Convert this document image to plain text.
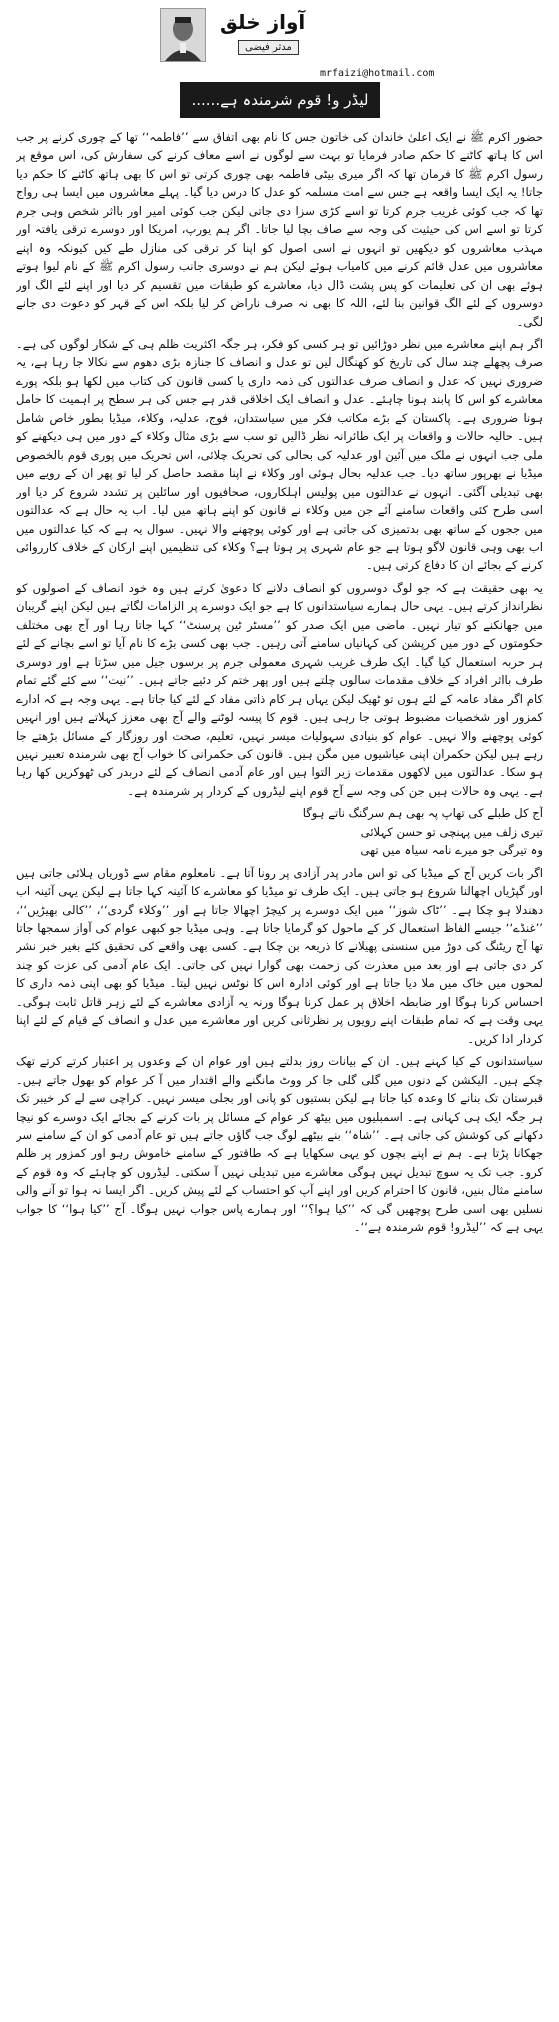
آواز خلق
مدثر فیضی
mrfaizi@hotmail.com
لیڈر و! قوم شرمندہ ہے......

حضور اکرم ﷺ نے ایک اعلیٰ خاندان کی خاتون جس کا نام بھی اتفاق سے ’’فاطمہ‘‘ تھا کے چوری کرنے پر جب اس کا ہاتھ کاٹنے کا حکم صادر فرمایا تو بہت سے لوگوں نے اسے معاف کرنے کی سفارش کی، اس موقع پر رسول اکرم ﷺ کا فرمان تھا کہ اگر میری بیٹی فاطمہ بھی چوری کرتی تو اس کا بھی ہاتھ کاٹنے کا حکم دیا جاتا! یہ ایک ایسا واقعہ ہے جس سے امت مسلمہ کو عدل کا درس دیا گیا۔ پہلے معاشروں میں ایسا ہی رواج تھا کہ جب کوئی غریب جرم کرتا تو اسے کڑی سزا دی جاتی لیکن جب کوئی امیر اور بااثر شخص وہی جرم کرتا تو اسے اس کی حیثیت کی وجہ سے صاف بچا لیا جاتا۔ اگر ہم یورپ، امریکا اور دوسرے ترقی یافتہ اور مہذب معاشروں کو دیکھیں تو انہوں نے اسی اصول کو اپنا کر ترقی کی منازل طے کیں کیونکہ وہ اپنے معاشروں میں عدل قائم کرنے میں کامیاب ہوئے لیکن ہم نے دوسری جانب رسول اکرم ﷺ کے نام لیوا ہوتے ہوئے بھی ان کی تعلیمات کو پس پشت ڈال دیا، معاشرے کو طبقات میں تقسیم کر دیا اور اپنے لئے الگ اور دوسروں کے لئے الگ قوانین بنا لئے، اللہ کا بھی نہ صرف ناراض کر لیا بلکہ اس کے قہر کو دعوت دی جانے لگی۔

اگر ہم اپنے معاشرے میں نظر دوڑائیں تو ہر کسی کو فکر، ہر جگہ اکثریت ظلم ہی کے شکار لوگوں کی ہے۔ صرف پچھلے چند سال کی تاریخ کو کھنگال لیں تو عدل و انصاف کا جنازہ بڑی دھوم سے نکالا جا رہا ہے، یہ ضروری نہیں کہ عدل و انصاف صرف عدالتوں کی ذمہ داری یا کسی قانون کی کتاب میں لکھا ہو بلکہ پورے معاشرے کو اس کا پابند ہونا چاہئے۔ عدل و انصاف ایک اخلاقی قدر ہے جس کی ہر سطح پر اہمیت کا حامل ہونا ضروری ہے۔ پاکستان کے بڑے مکاتب فکر میں سیاستدان، فوج، عدلیہ، وکلاء، میڈیا بطور خاص شامل ہیں۔ حالیہ حالات و واقعات پر ایک طائرانہ نظر ڈالیں تو سب سے بڑی مثال وکلاء کے دور میں ہی دیکھنے کو ملی جب انہوں نے ملک میں آئین اور عدلیہ کی بحالی کی تحریک چلائی، اس تحریک میں پوری قوم بالخصوص میڈیا نے بھرپور ساتھ دیا۔ جب عدلیہ بحال ہوئی اور وکلاء نے اپنا مقصد حاصل کر لیا تو پھر ان کے رویے میں بھی تبدیلی آگئی۔ انہوں نے عدالتوں میں پولیس اہلکاروں، صحافیوں اور سائلین پر تشدد شروع کر دیا اور اسی طرح کئی واقعات سامنے آئے جن میں وکلاء نے قانون کو اپنے ہاتھ میں لیا۔ اب یہ حال ہے کہ عدالتوں میں ججوں کے ساتھ بھی بدتمیزی کی جاتی ہے اور کوئی پوچھنے والا نہیں۔ سوال یہ ہے کہ کیا عدالتوں میں اب بھی وہی قانون لاگو ہوتا ہے جو عام شہری پر ہوتا ہے؟ وکلاء کی تنظیمیں اپنے ارکان کے خلاف کارروائی کرنے کے بجائے ان کا دفاع کرتی ہیں۔

یہ بھی حقیقت ہے کہ جو لوگ دوسروں کو انصاف دلانے کا دعویٰ کرتے ہیں وہ خود انصاف کے اصولوں کو نظرانداز کرتے ہیں۔ یہی حال ہمارے سیاستدانوں کا ہے جو ایک دوسرے پر الزامات لگاتے ہیں لیکن اپنے گریبان میں جھانکنے کو تیار نہیں۔ ماضی میں ایک صدر کو ’’مسٹر ٹین پرسنٹ‘‘ کہا جاتا رہا اور آج بھی مختلف حکومتوں کے دور میں کرپشن کی کہانیاں سامنے آتی رہیں۔ جب بھی کسی بڑے کا نام آیا تو اسے بچانے کے لئے ہر حربہ استعمال کیا گیا۔ ایک طرف غریب شہری معمولی جرم پر برسوں جیل میں سڑتا ہے اور دوسری طرف بااثر افراد کے خلاف مقدمات سالوں چلتے ہیں اور پھر ختم کر دئیے جاتے ہیں۔ ’’نیت‘‘ سے کئے گئے تمام کام اگر مفاد عامہ کے لئے ہوں تو ٹھیک لیکن یہاں ہر کام ذاتی مفاد کے لئے کیا جاتا ہے۔ یہی وجہ ہے کہ ادارے کمزور اور شخصیات مضبوط ہوتی جا رہی ہیں۔ قوم کا پیسہ لوٹنے والے آج بھی معزز کہلاتے ہیں اور انہیں کوئی پوچھنے والا نہیں۔ عوام کو بنیادی سہولیات میسر نہیں، تعلیم، صحت اور روزگار کے مسائل بڑھتے جا رہے ہیں لیکن حکمران اپنی عیاشیوں میں مگن ہیں۔ قانون کی حکمرانی کا خواب آج بھی شرمندہ تعبیر نہیں ہو سکا۔ عدالتوں میں لاکھوں مقدمات زیر التوا ہیں اور عام آدمی انصاف کے لئے دربدر کی ٹھوکریں کھا رہا ہے۔ یہی وہ حالات ہیں جن کی وجہ سے آج قوم اپنے لیڈروں کے کردار پر شرمندہ ہے۔

آج کل طبلے کی تھاپ پہ بھی ہم سرگنگ ناتے ہوگا

تیری زلف میں پہنچی تو حسن کہلائی

وہ تیرگی جو میرے نامہ سیاہ میں تھی

اگر بات کریں آج کے میڈیا کی تو اس مادر پدر آزادی پر رونا آتا ہے۔ نامعلوم مقام سے ڈوریاں ہلائی جاتی ہیں اور گپڑیاں اچھالنا شروع ہو جاتی ہیں۔ ایک طرف تو میڈیا کو معاشرے کا آئینہ کہا جاتا ہے لیکن یہی آئینہ اب دھندلا ہو چکا ہے۔ ’’ٹاک شوز‘‘ میں ایک دوسرے پر کیچڑ اچھالا جاتا ہے اور ’’وکلاء گردی‘‘، ’’کالی بھیڑیں‘‘، ’’غنڈے‘‘ جیسے الفاظ استعمال کر کے ماحول کو گرمایا جاتا ہے۔ وہی میڈیا جو کبھی عوام کی آواز سمجھا جاتا تھا آج ریٹنگ کی دوڑ میں سنسنی پھیلانے کا ذریعہ بن چکا ہے۔ کسی بھی واقعے کی تحقیق کئے بغیر خبر نشر کر دی جاتی ہے اور بعد میں معذرت کی زحمت بھی گوارا نہیں کی جاتی۔ ایک عام آدمی کی عزت کو چند لمحوں میں خاک میں ملا دیا جاتا ہے اور کوئی ادارہ اس کا نوٹس نہیں لیتا۔ میڈیا کو بھی اپنی ذمہ داری کا احساس کرنا ہوگا اور ضابطہ اخلاق پر عمل کرنا ہوگا ورنہ یہ آزادی معاشرے کے لئے زہر قاتل ثابت ہوگی۔ یہی وقت ہے کہ تمام طبقات اپنے رویوں پر نظرثانی کریں اور معاشرے میں عدل و انصاف کے قیام کے لئے اپنا کردار ادا کریں۔

سیاستدانوں کے کیا کہنے ہیں۔ ان کے بیانات روز بدلتے ہیں اور عوام ان کے وعدوں پر اعتبار کرتے کرتے تھک چکے ہیں۔ الیکشن کے دنوں میں گلی گلی جا کر ووٹ مانگنے والے اقتدار میں آ کر عوام کو بھول جاتے ہیں۔ قبرستان تک بنانے کا وعدہ کیا جاتا ہے لیکن بستیوں کو پانی اور بجلی میسر نہیں۔ کراچی سے لے کر خیبر تک ہر جگہ ایک ہی کہانی ہے۔ اسمبلیوں میں بیٹھ کر عوام کے مسائل پر بات کرنے کے بجائے ایک دوسرے کو نیچا دکھانے کی کوشش کی جاتی ہے۔ ’’شاہ‘‘ بنے بیٹھے لوگ جب گاؤں جاتے ہیں تو عام آدمی کو ان کے سامنے سر جھکانا پڑتا ہے۔ ہم نے اپنے بچوں کو یہی سکھایا ہے کہ طاقتور کے سامنے خاموش رہو اور کمزور پر ظلم کرو۔ جب تک یہ سوچ تبدیل نہیں ہوگی معاشرے میں تبدیلی نہیں آ سکتی۔ لیڈروں کو چاہئے کہ وہ قوم کے سامنے مثال بنیں، قانون کا احترام کریں اور اپنے آپ کو احتساب کے لئے پیش کریں۔ اگر ایسا نہ ہوا تو آنے والی نسلیں بھی اسی طرح پوچھیں گی کہ ’’کیا ہوا؟‘‘ اور ہمارے پاس جواب نہیں ہوگا۔ آج ’’کیا ہوا‘‘ کا جواب یہی ہے کہ ’’لیڈرو! قوم شرمندہ ہے‘‘۔
